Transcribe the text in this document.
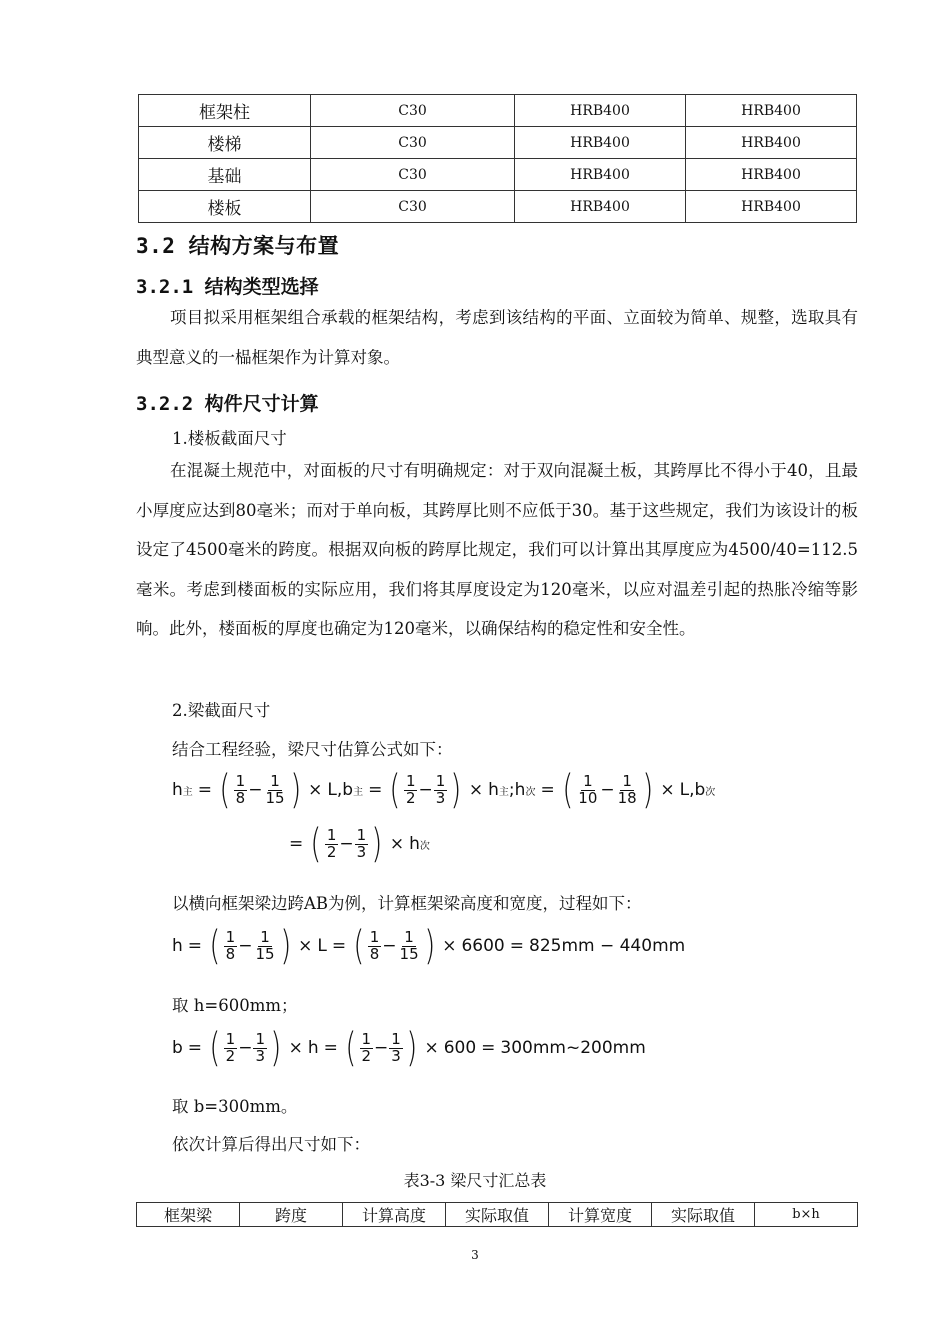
框架柱	C30	HRB400	HRB400
楼梯	C30	HRB400	HRB400
基础	C30	HRB400	HRB400
楼板	C30	HRB400	HRB400
3.2 结构方案与布置
3.2.1 结构类型选择
项目拟采用框架组合承载的框架结构，考虑到该结构的平面、立面较为简单、规整，选取具有典型意义的一榀框架作为计算对象。
3.2.2 构件尺寸计算
1.楼板截面尺寸
在混凝土规范中，对面板的尺寸有明确规定：对于双向混凝土板，其跨厚比不得小于40，且最小厚度应达到80毫米；而对于单向板，其跨厚比则不应低于30。基于这些规定，我们为该设计的板设定了4500毫米的跨度。根据双向板的跨厚比规定，我们可以计算出其厚度应为4500/40=112.5毫米。考虑到楼面板的实际应用，我们将其厚度设定为120毫米，以应对温差引起的热胀冷缩等影响。此外，楼面板的厚度也确定为120毫米，以确保结构的稳定性和安全性。
2.梁截面尺寸
结合工程经验，梁尺寸估算公式如下：
h 主 = ( $\frac{1}{8} - \frac{1}{15}$ ) × L , b 主 = ( $\frac{1}{2} - \frac{1}{3}$ ) × h 主 ; h 次 = ( $\frac{1}{10} - \frac{1}{18}$ ) × L , b 次
= ( $\frac{1}{2} - \frac{1}{3}$ ) × h 次
以横向框架梁边跨AB为例，计算框架梁高度和宽度，过程如下：
h = ( $\frac{1}{8} - \frac{1}{15}$ ) × L = ( $\frac{1}{8} - \frac{1}{15}$ ) × 6600 = 825mm − 440mm
取 h=600mm；
b = ( $\frac{1}{2} - \frac{1}{3}$ ) × h = ( $\frac{1}{2} - \frac{1}{3}$ ) × 600 = 300mm~200mm
取 b=300mm。
依次计算后得出尺寸如下：
表3-3 梁尺寸汇总表
框架梁	跨度	计算高度	实际取值	计算宽度	实际取值	b×h
3
